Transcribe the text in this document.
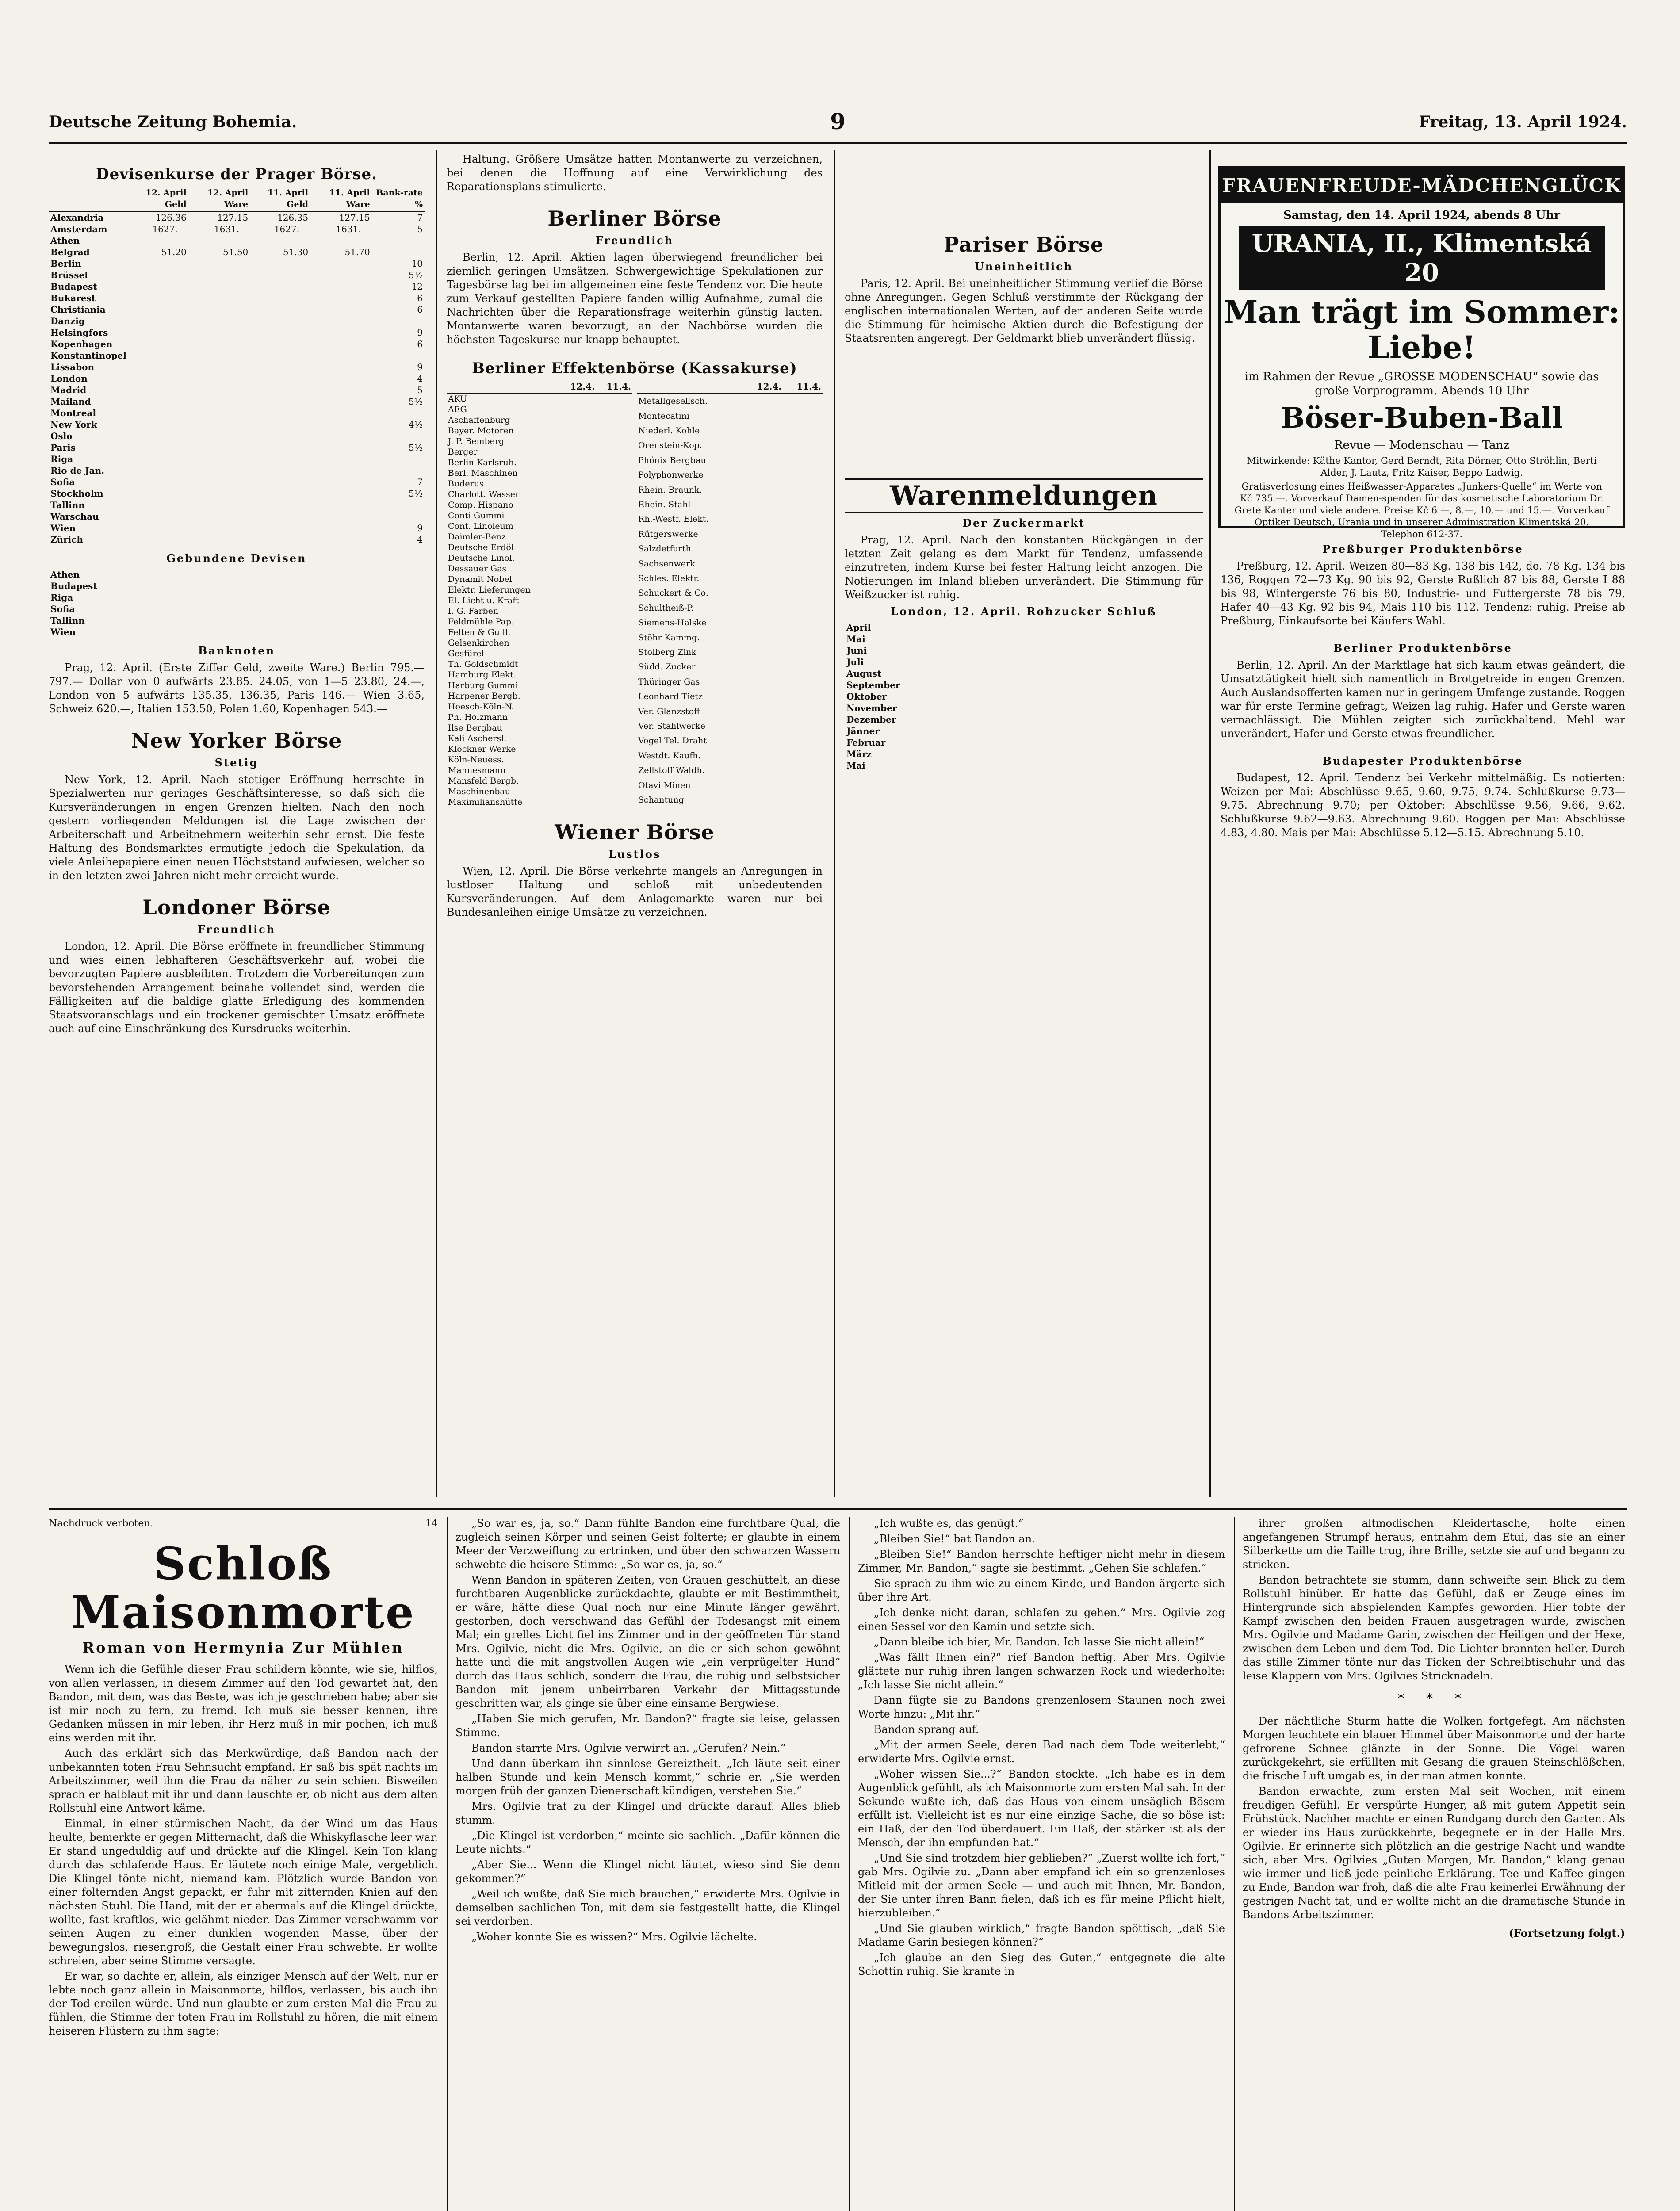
Deutsche Zeitung Bohemia.	9	Freitag, 13. April 1924.
Devisenkurse der Prager Börse.
	12. April Geld	12. April Ware	11. April Geld	11. April Ware	Bank-rate %
Alexandria	126.36	127.15	126.35	127.15	7
Amsterdam	1627.—	1631.—	1627.—	1631.—	5
Athen					
Belgrad	51.20	51.50	51.30	51.70	
Berlin					10
Brüssel					5½
Budapest					12
Bukarest					6
Christiania					6
Danzig					
Helsingfors					9
Kopenhagen					6
Konstantinopel					
Lissabon					9
London					4
Madrid					5
Mailand					5½
Montreal					
New York					4½
Oslo					
Paris					5½
Riga					
Rio de Jan.					
Sofia					7
Stockholm					5½
Tallinn					
Warschau					
Wien					9
Zürich					4
Gebundene Devisen
Athen
Budapest
Riga
Sofia
Tallinn
Wien
Banknoten

Prag, 12. April. (Erste Ziffer Geld, zweite Ware.) Berlin 795.— 797.— Dollar von 0 aufwärts 23.85. 24.05, von 1—5 23.80, 24.—, London von 5 aufwärts 135.35, 136.35, Paris 146.— Wien 3.65, Schweiz 620.—, Italien 153.50, Polen 1.60, Kopenhagen 543.—

New Yorker Börse
Stetig

New York, 12. April. Nach stetiger Eröffnung herrschte in Spezialwerten nur geringes Geschäftsinteresse, so daß sich die Kursveränderungen in engen Grenzen hielten. Nach den noch gestern vorliegenden Meldungen ist die Lage zwischen der Arbeiterschaft und Arbeitnehmern weiterhin sehr ernst. Die feste Haltung des Bondsmarktes ermutigte jedoch die Spekulation, da viele Anleihepapiere einen neuen Höchststand aufwiesen, welcher so in den letzten zwei Jahren nicht mehr erreicht wurde.

Londoner Börse
Freundlich

London, 12. April. Die Börse eröffnete in freundlicher Stimmung und wies einen lebhafteren Geschäftsverkehr auf, wobei die bevorzugten Papiere ausbleibten. Trotzdem die Vorbereitungen zum bevorstehenden Arrangement beinahe vollendet sind, werden die Fälligkeiten auf die baldige glatte Erledigung des kommenden Staatsvoranschlags und ein trockener gemischter Umsatz eröffnete auch auf eine Einschränkung des Kursdrucks weiterhin.

Haltung. Größere Umsätze hatten Montanwerte zu verzeichnen, bei denen die Hoffnung auf eine Verwirklichung des Reparationsplans stimulierte.

Berliner Börse
Freundlich

Berlin, 12. April. Aktien lagen überwiegend freundlicher bei ziemlich geringen Umsätzen. Schwergewichtige Spekulationen zur Tagesbörse lag bei im allgemeinen eine feste Tendenz vor. Die heute zum Verkauf gestellten Papiere fanden willig Aufnahme, zumal die Nachrichten über die Reparationsfrage weiterhin günstig lauten. Montanwerte waren bevorzugt, an der Nachbörse wurden die höchsten Tageskurse nur knapp behauptet.

Berliner Effektenbörse (Kassakurse)
	12.4.	11.4.
AKU		
AEG		
Aschaffenburg		
Bayer. Motoren		
J. P. Bemberg		
Berger		
Berlin-Karlsruh.		
Berl. Maschinen		
Buderus		
Charlott. Wasser		
Comp. Hispano		
Conti Gummi		
Cont. Linoleum		
Daimler-Benz		
Deutsche Erdöl		
Deutsche Linol.		
Dessauer Gas		
Dynamit Nobel		
Elektr. Lieferungen		
El. Licht u. Kraft		
I. G. Farben		
Feldmühle Pap.		
Felten & Guill.		
Gelsenkirchen		
Gesfürel		
Th. Goldschmidt		
Hamburg Elekt.		
Harburg Gummi		
Harpener Bergb.		
Hoesch-Köln-N.		
Ph. Holzmann		
Ilse Bergbau		
Kali Aschersl.		
Klöckner Werke		
Köln-Neuess.		
Mannesmann		
Mansfeld Bergb.		
Maschinenbau		
Maximilianshütte		
	12.4.	11.4.
Metallgesellsch.		
Montecatini		
Niederl. Kohle		
Orenstein-Kop.		
Phönix Bergbau		
Polyphonwerke		
Rhein. Braunk.		
Rhein. Stahl		
Rh.-Westf. Elekt.		
Rütgerswerke		
Salzdetfurth		
Sachsenwerk		
Schles. Elektr.		
Schuckert & Co.		
Schultheiß-P.		
Siemens-Halske		
Stöhr Kammg.		
Stolberg Zink		
Südd. Zucker		
Thüringer Gas		
Leonhard Tietz		
Ver. Glanzstoff		
Ver. Stahlwerke		
Vogel Tel. Draht		
Westdt. Kaufh.		
Zellstoff Waldh.		
Otavi Minen		
Schantung		
Wiener Börse
Lustlos

Wien, 12. April. Die Börse verkehrte mangels an Anregungen in lustloser Haltung und schloß mit unbedeutenden Kursveränderungen. Auf dem Anlagemarkte waren nur bei Bundesanleihen einige Umsätze zu verzeichnen.

Pariser Börse
Uneinheitlich

Paris, 12. April. Bei uneinheitlicher Stimmung verlief die Börse ohne Anregungen. Gegen Schluß verstimmte der Rückgang der englischen internationalen Werten, auf der anderen Seite wurde die Stimmung für heimische Aktien durch die Befestigung der Staatsrenten angeregt. Der Geldmarkt blieb unverändert flüssig.

Warenmeldungen
Der Zuckermarkt

Prag, 12. April. Nach den konstanten Rückgängen in der letzten Zeit gelang es dem Markt für Tendenz, umfassende einzutreten, indem Kurse bei fester Haltung leicht anzogen. Die Notierungen im Inland blieben unverändert. Die Stimmung für Weißzucker ist ruhig.

London, 12. April. Rohzucker Schluß
April
Mai
Juni
Juli
August
September
Oktober
November
Dezember
Jänner
Februar
März
Mai
FRAUENFREUDE-MÄDCHENGLÜCK
Samstag, den 14. April 1924, abends 8 Uhr
URANIA, II., Klimentská 20
Man trägt im Sommer: Liebe!
im Rahmen der Revue „GROSSE MODENSCHAU“ sowie das große Vorprogramm. Abends 10 Uhr
Böser-Buben-Ball
Revue — Modenschau — Tanz
Mitwirkende: Käthe Kantor, Gerd Berndt, Rita Dörner, Otto Ströhlin, Berti Alder, J. Lautz, Fritz Kaiser, Beppo Ladwig.
Gratisverlosung eines Heißwasser-Apparates „Junkers-Quelle“ im Werte von Kč 735.—. Vorverkauf Damen-spenden für das kosmetische Laboratorium Dr. Grete Kanter und viele andere. Preise Kč 6.—, 8.—, 10.— und 15.—. Vorverkauf Optiker Deutsch, Urania und in unserer Administration Klimentská 20. Telephon 612-37.
Preßburger Produktenbörse

Preßburg, 12. April. Weizen 80—83 Kg. 138 bis 142, do. 78 Kg. 134 bis 136, Roggen 72—73 Kg. 90 bis 92, Gerste Rußlich 87 bis 88, Gerste I 88 bis 98, Wintergerste 76 bis 80, Industrie- und Futtergerste 78 bis 79, Hafer 40—43 Kg. 92 bis 94, Mais 110 bis 112. Tendenz: ruhig. Preise ab Preßburg, Einkaufsorte bei Käufers Wahl.

Berliner Produktenbörse

Berlin, 12. April. An der Marktlage hat sich kaum etwas geändert, die Umsatztätigkeit hielt sich namentlich in Brotgetreide in engen Grenzen. Auch Auslandsofferten kamen nur in geringem Umfange zustande. Roggen war für erste Termine gefragt, Weizen lag ruhig. Hafer und Gerste waren vernachlässigt. Die Mühlen zeigten sich zurückhaltend. Mehl war unverändert, Hafer und Gerste etwas freundlicher.

Budapester Produktenbörse

Budapest, 12. April. Tendenz bei Verkehr mittelmäßig. Es notierten: Weizen per Mai: Abschlüsse 9.65, 9.60, 9.75, 9.74. Schlußkurse 9.73—9.75. Abrechnung 9.70; per Oktober: Abschlüsse 9.56, 9.66, 9.62. Schlußkurse 9.62—9.63. Abrechnung 9.60. Roggen per Mai: Abschlüsse 4.83, 4.80. Mais per Mai: Abschlüsse 5.12—5.15. Abrechnung 5.10.

Nachdruck verboten.	14
Schloß Maisonmorte
Roman von Hermynia Zur Mühlen

Wenn ich die Gefühle dieser Frau schildern könnte, wie sie, hilflos, von allen verlassen, in diesem Zimmer auf den Tod gewartet hat, den Bandon, mit dem, was das Beste, was ich je geschrieben habe; aber sie ist mir noch zu fern, zu fremd. Ich muß sie besser kennen, ihre Gedanken müssen in mir leben, ihr Herz muß in mir pochen, ich muß eins werden mit ihr.

Auch das erklärt sich das Merkwürdige, daß Bandon nach der unbekannten toten Frau Sehnsucht empfand. Er saß bis spät nachts im Arbeitszimmer, weil ihm die Frau da näher zu sein schien. Bisweilen sprach er halblaut mit ihr und dann lauschte er, ob nicht aus dem alten Rollstuhl eine Antwort käme.

Einmal, in einer stürmischen Nacht, da der Wind um das Haus heulte, bemerkte er gegen Mitternacht, daß die Whiskyflasche leer war. Er stand ungeduldig auf und drückte auf die Klingel. Kein Ton klang durch das schlafende Haus. Er läutete noch einige Male, vergeblich. Die Klingel tönte nicht, niemand kam. Plötzlich wurde Bandon von einer folternden Angst gepackt, er fuhr mit zitternden Knien auf den nächsten Stuhl. Die Hand, mit der er abermals auf die Klingel drückte, wollte, fast kraftlos, wie gelähmt nieder. Das Zimmer verschwamm vor seinen Augen zu einer dunklen wogenden Masse, über der bewegungslos, riesengroß, die Gestalt einer Frau schwebte. Er wollte schreien, aber seine Stimme versagte.

Er war, so dachte er, allein, als einziger Mensch auf der Welt, nur er lebte noch ganz allein in Maisonmorte, hilflos, verlassen, bis auch ihn der Tod ereilen würde. Und nun glaubte er zum ersten Mal die Frau zu fühlen, die Stimme der toten Frau im Rollstuhl zu hören, die mit einem heiseren Flüstern zu ihm sagte:

„So war es, ja, so.“ Dann fühlte Bandon eine furchtbare Qual, die zugleich seinen Körper und seinen Geist folterte; er glaubte in einem Meer der Verzweiflung zu ertrinken, und über den schwarzen Wassern schwebte die heisere Stimme: „So war es, ja, so.“

Wenn Bandon in späteren Zeiten, von Grauen geschüttelt, an diese furchtbaren Augenblicke zurückdachte, glaubte er mit Bestimmtheit, er wäre, hätte diese Qual noch nur eine Minute länger gewährt, gestorben, doch verschwand das Gefühl der Todesangst mit einem Mal; ein grelles Licht fiel ins Zimmer und in der geöffneten Tür stand Mrs. Ogilvie, nicht die Mrs. Ogilvie, an die er sich schon gewöhnt hatte und die mit angstvollen Augen wie „ein verprügelter Hund“ durch das Haus schlich, sondern die Frau, die ruhig und selbstsicher Bandon mit jenem unbeirrbaren Verkehr der Mittagsstunde geschritten war, als ginge sie über eine einsame Bergwiese.

„Haben Sie mich gerufen, Mr. Bandon?“ fragte sie leise, gelassen Stimme.

Bandon starrte Mrs. Ogilvie verwirrt an. „Gerufen? Nein.“

Und dann überkam ihn sinnlose Gereiztheit. „Ich läute seit einer halben Stunde und kein Mensch kommt,“ schrie er. „Sie werden morgen früh der ganzen Dienerschaft kündigen, verstehen Sie.“

Mrs. Ogilvie trat zu der Klingel und drückte darauf. Alles blieb stumm.

„Die Klingel ist verdorben,“ meinte sie sachlich. „Dafür können die Leute nichts.“

„Aber Sie... Wenn die Klingel nicht läutet, wieso sind Sie denn gekommen?“

„Weil ich wußte, daß Sie mich brauchen,“ erwiderte Mrs. Ogilvie in demselben sachlichen Ton, mit dem sie festgestellt hatte, die Klingel sei verdorben.

„Woher konnte Sie es wissen?“ Mrs. Ogilvie lächelte.

„Ich wußte es, das genügt.“

„Bleiben Sie!“ bat Bandon an.

„Bleiben Sie!“ Bandon herrschte heftiger nicht mehr in diesem Zimmer, Mr. Bandon,“ sagte sie bestimmt. „Gehen Sie schlafen.“

Sie sprach zu ihm wie zu einem Kinde, und Bandon ärgerte sich über ihre Art.

„Ich denke nicht daran, schlafen zu gehen.“ Mrs. Ogilvie zog einen Sessel vor den Kamin und setzte sich.

„Dann bleibe ich hier, Mr. Bandon. Ich lasse Sie nicht allein!“

„Was fällt Ihnen ein?“ rief Bandon heftig. Aber Mrs. Ogilvie glättete nur ruhig ihren langen schwarzen Rock und wiederholte: „Ich lasse Sie nicht allein.“

Dann fügte sie zu Bandons grenzenlosem Staunen noch zwei Worte hinzu: „Mit ihr.“

Bandon sprang auf.

„Mit der armen Seele, deren Bad nach dem Tode weiterlebt,“ erwiderte Mrs. Ogilvie ernst.

„Woher wissen Sie...?“ Bandon stockte. „Ich habe es in dem Augenblick gefühlt, als ich Maisonmorte zum ersten Mal sah. In der Sekunde wußte ich, daß das Haus von einem unsäglich Bösem erfüllt ist. Vielleicht ist es nur eine einzige Sache, die so böse ist: ein Haß, der den Tod überdauert. Ein Haß, der stärker ist als der Mensch, der ihn empfunden hat.“

„Und Sie sind trotzdem hier geblieben?“ „Zuerst wollte ich fort,“ gab Mrs. Ogilvie zu. „Dann aber empfand ich ein so grenzenloses Mitleid mit der armen Seele — und auch mit Ihnen, Mr. Bandon, der Sie unter ihren Bann fielen, daß ich es für meine Pflicht hielt, hierzubleiben.“

„Und Sie glauben wirklich,“ fragte Bandon spöttisch, „daß Sie Madame Garin besiegen können?“

„Ich glaube an den Sieg des Guten,“ entgegnete die alte Schottin ruhig. Sie kramte in

ihrer großen altmodischen Kleidertasche, holte einen angefangenen Strumpf heraus, entnahm dem Etui, das sie an einer Silberkette um die Taille trug, ihre Brille, setzte sie auf und begann zu stricken.

Bandon betrachtete sie stumm, dann schweifte sein Blick zu dem Rollstuhl hinüber. Er hatte das Gefühl, daß er Zeuge eines im Hintergrunde sich abspielenden Kampfes geworden. Hier tobte der Kampf zwischen den beiden Frauen ausgetragen wurde, zwischen Mrs. Ogilvie und Madame Garin, zwischen der Heiligen und der Hexe, zwischen dem Leben und dem Tod. Die Lichter brannten heller. Durch das stille Zimmer tönte nur das Ticken der Schreibtischuhr und das leise Klappern von Mrs. Ogilvies Stricknadeln.

* * *

Der nächtliche Sturm hatte die Wolken fortgefegt. Am nächsten Morgen leuchtete ein blauer Himmel über Maisonmorte und der harte gefrorene Schnee glänzte in der Sonne. Die Vögel waren zurückgekehrt, sie erfüllten mit Gesang die grauen Steinschlößchen, die frische Luft umgab es, in der man atmen konnte.

Bandon erwachte, zum ersten Mal seit Wochen, mit einem freudigen Gefühl. Er verspürte Hunger, aß mit gutem Appetit sein Frühstück. Nachher machte er einen Rundgang durch den Garten. Als er wieder ins Haus zurückkehrte, begegnete er in der Halle Mrs. Ogilvie. Er erinnerte sich plötzlich an die gestrige Nacht und wandte sich, aber Mrs. Ogilvies „Guten Morgen, Mr. Bandon,“ klang genau wie immer und ließ jede peinliche Erklärung. Tee und Kaffee gingen zu Ende, Bandon war froh, daß die alte Frau keinerlei Erwähnung der gestrigen Nacht tat, und er wollte nicht an die dramatische Stunde in Bandons Arbeitszimmer.

(Fortsetzung folgt.)
